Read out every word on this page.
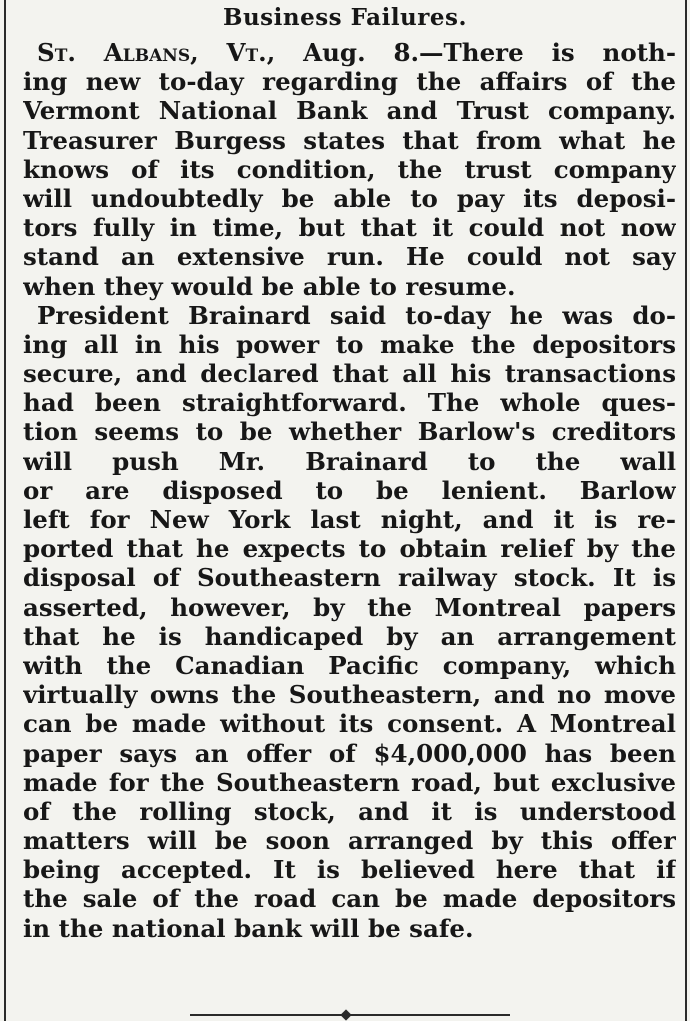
Business Failures.
St. Albans, Vt., Aug. 8.—There is noth-
ing new to-day regarding the affairs of the
Vermont National Bank and Trust company.
Treasurer Burgess states that from what he
knows of its condition, the trust company
will undoubtedly be able to pay its deposi-
tors fully in time, but that it could not now
stand an extensive run. He could not say
when they would be able to resume.
President Brainard said to-day he was do-
ing all in his power to make the depositors
secure, and declared that all his transactions
had been straightforward. The whole ques-
tion seems to be whether Barlow's creditors
will push Mr. Brainard to the wall
or are disposed to be lenient. Barlow
left for New York last night, and it is re-
ported that he expects to obtain relief by the
disposal of Southeastern railway stock. It is
asserted, however, by the Montreal papers
that he is handicaped by an arrangement
with the Canadian Pacific company, which
virtually owns the Southeastern, and no move
can be made without its consent. A Montreal
paper says an offer of $4,000,000 has been
made for the Southeastern road, but exclusive
of the rolling stock, and it is understood
matters will be soon arranged by this offer
being accepted. It is believed here that if
the sale of the road can be made depositors
in the national bank will be safe.
